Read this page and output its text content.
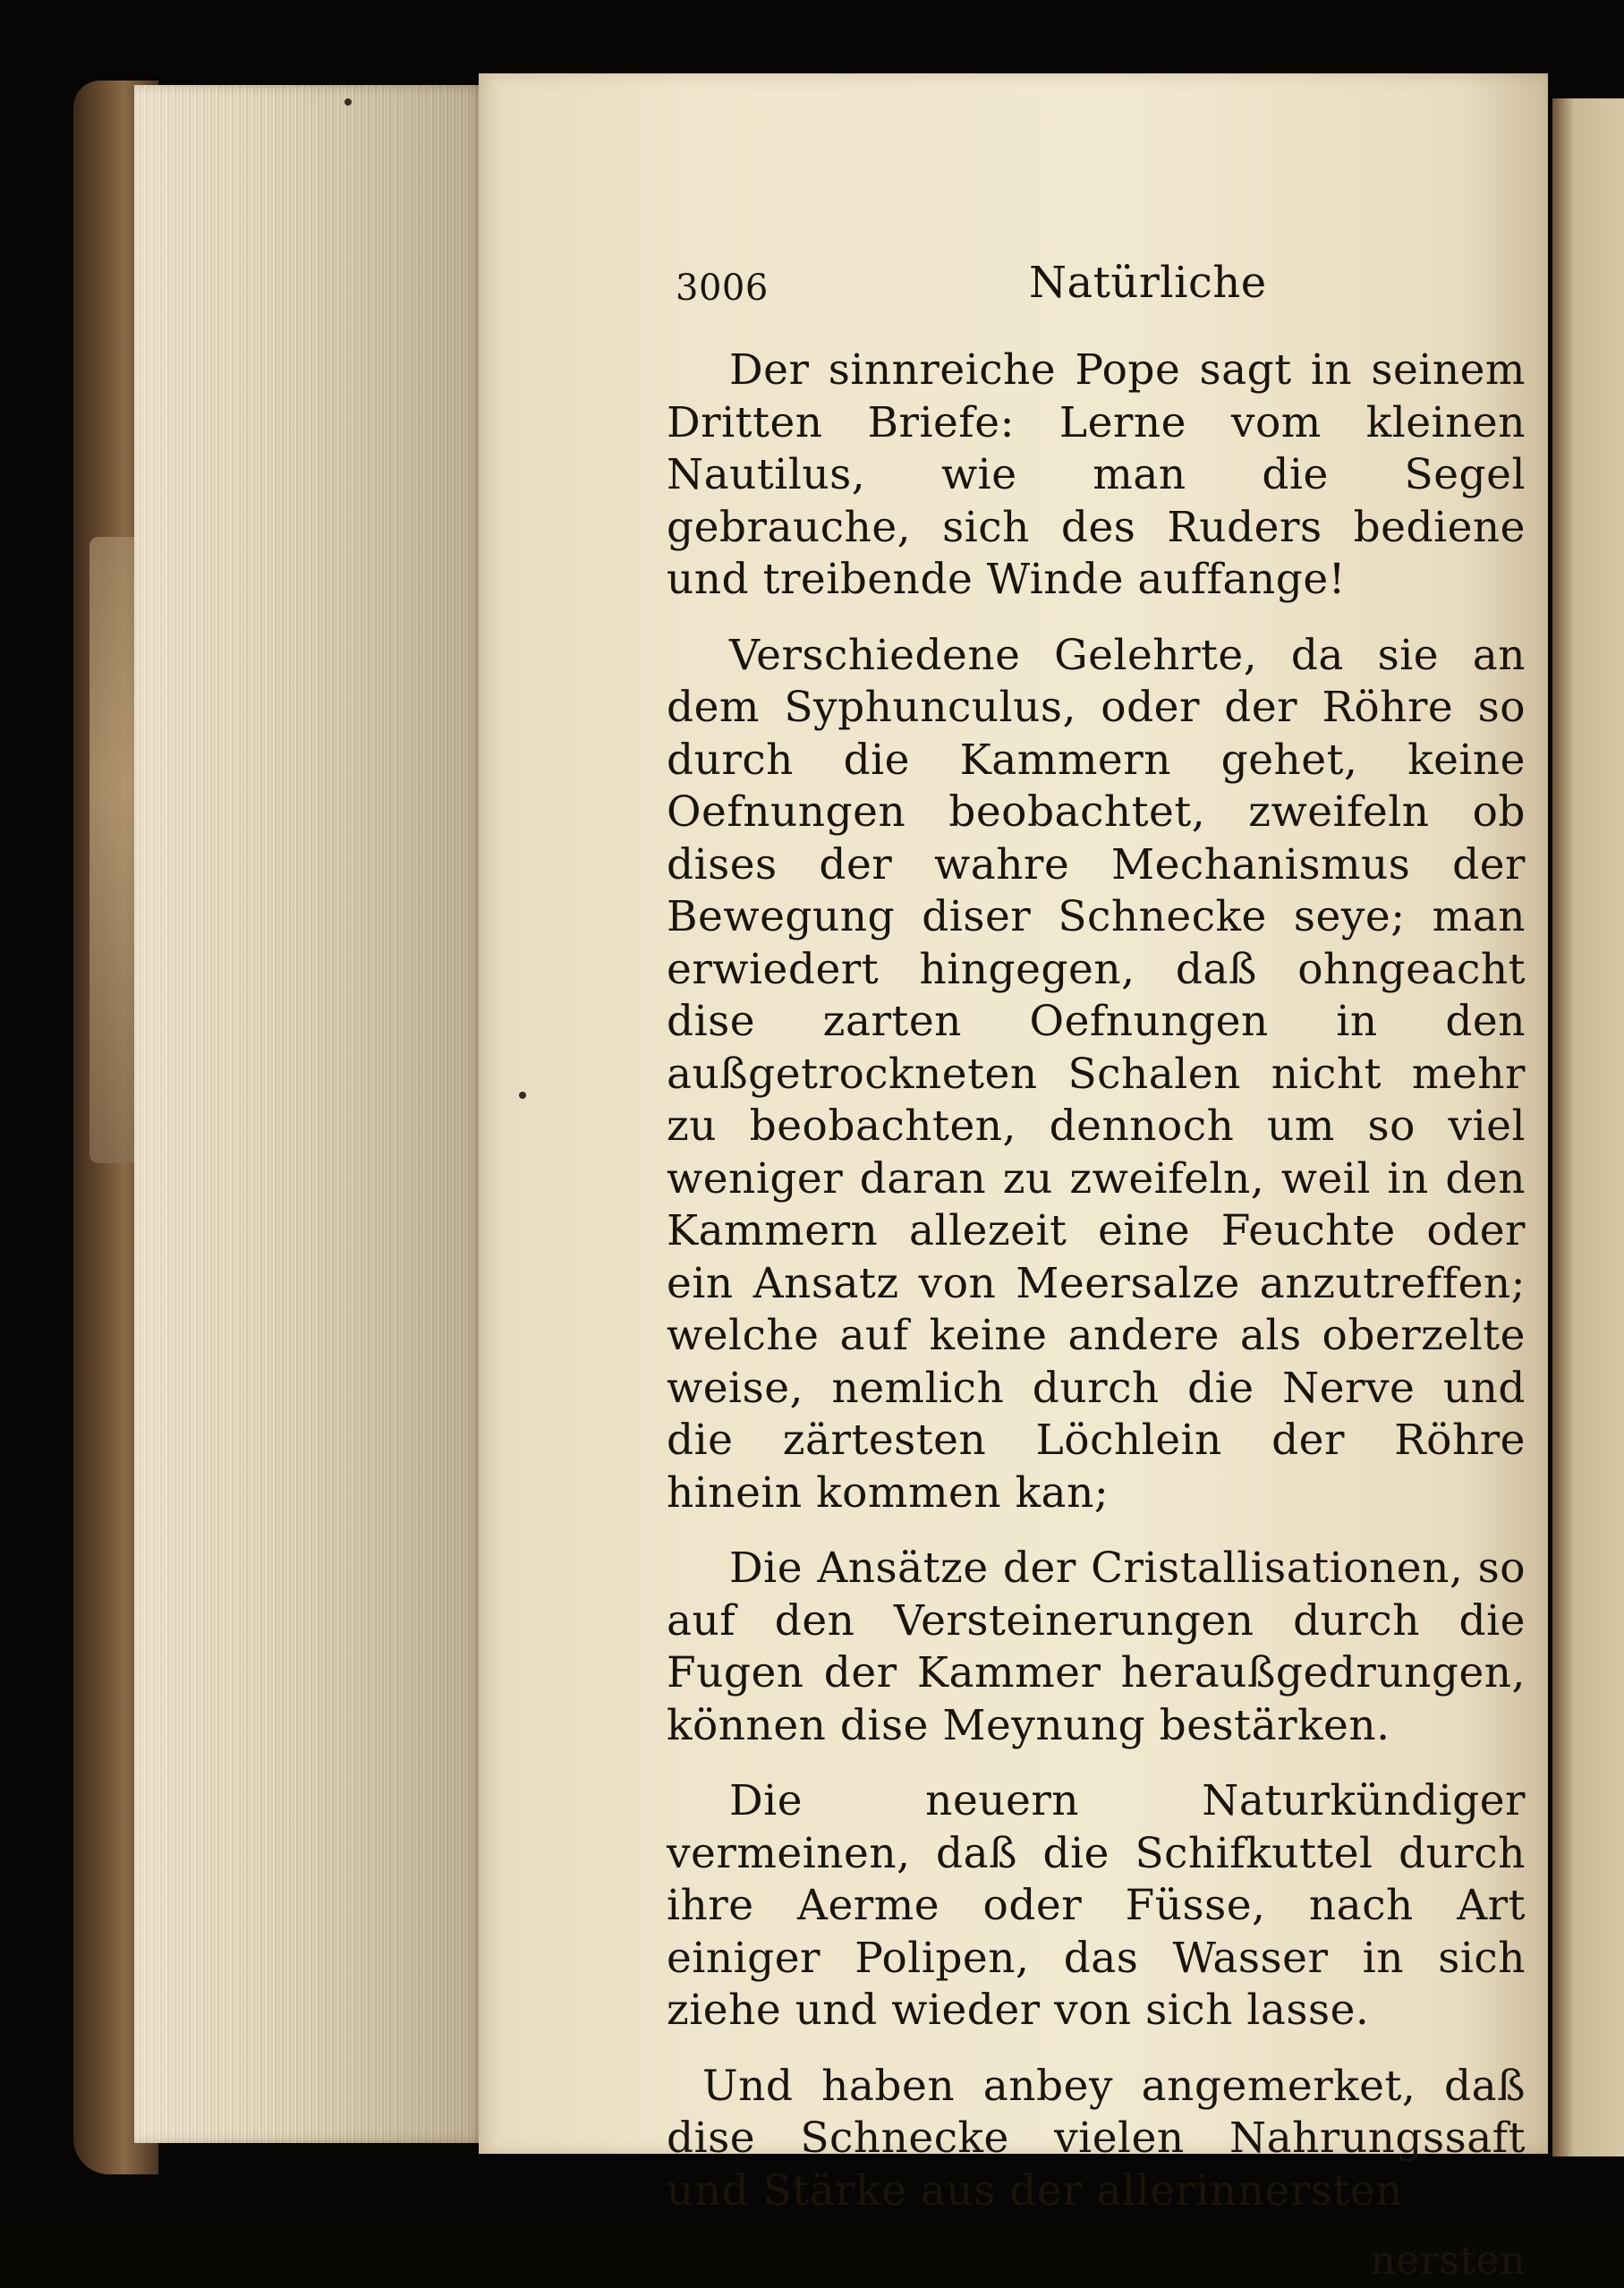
3006	Natürliche

Der sinnreiche Pope sagt in seinem Dritten Briefe: Lerne vom kleinen Nautilus, wie man die Segel gebrauche, sich des Ruders bediene und treibende Winde auffange!

Verschiedene Gelehrte, da sie an dem Syphunculus, oder der Röhre so durch die Kammern gehet, keine Oefnungen beobachtet, zweifeln ob dises der wahre Mechanismus der Bewegung diser Schnecke seye; man erwiedert hingegen, daß ohngeacht dise zarten Oefnungen in den außgetrockneten Schalen nicht mehr zu beobachten, dennoch um so viel weniger daran zu zweifeln, weil in den Kammern allezeit eine Feuchte oder ein Ansatz von Meersalze anzutreffen; welche auf keine andere als oberzelte weise, nemlich durch die Nerve und die zärtesten Löchlein der Röhre hinein kommen kan;

Die Ansätze der Cristallisationen, so auf den Versteinerungen durch die Fugen der Kammer heraußgedrungen, können dise Meynung bestärken.

Die neuern Naturkündiger vermeinen, daß die Schifkuttel durch ihre Aerme oder Füsse, nach Art einiger Polipen, das Wasser in sich ziehe und wieder von sich lasse.

Und haben anbey angemerket, daß dise Schnecke vielen Nahrungssaft und Stärke aus der allerinnersten

nersten
